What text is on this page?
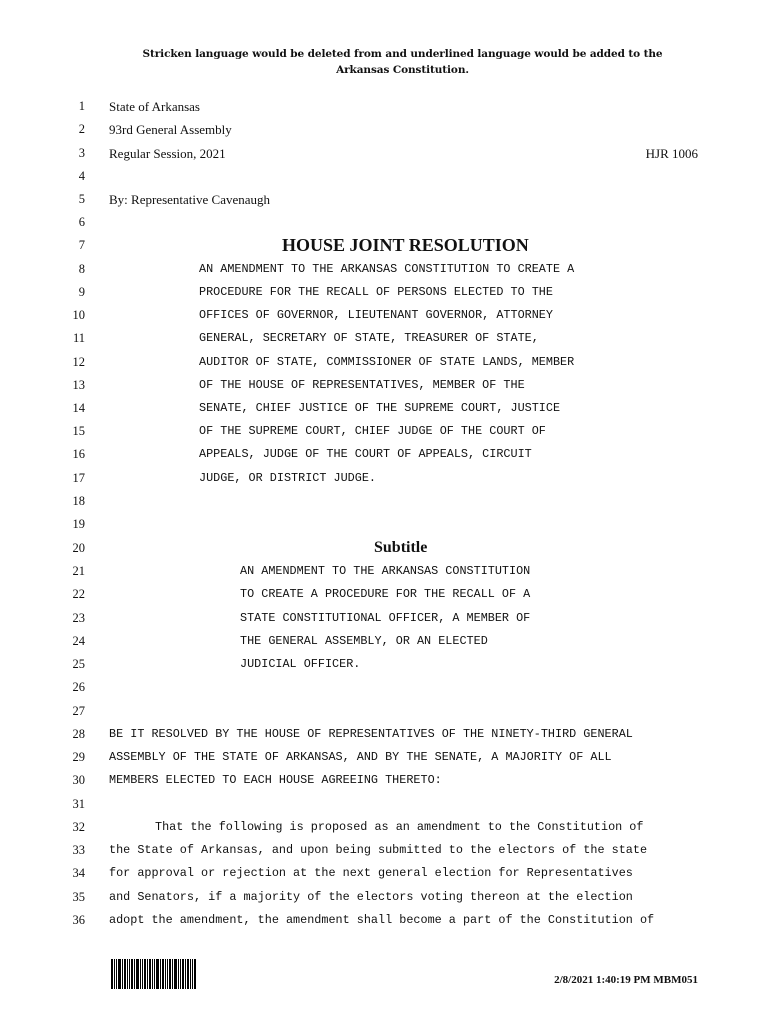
Stricken language would be deleted from and underlined language would be added to the Arkansas Constitution.
1
2
3
4
5
6
7
8
9
10
11
12
13
14
15
16
17
18
19
20
21
22
23
24
25
26
27
28
29
30
31
32
33
34
35
36
State of Arkansas
93rd General Assembly
Regular Session, 2021	HJR 1006
By: Representative Cavenaugh
HOUSE JOINT RESOLUTION
AN AMENDMENT TO THE ARKANSAS CONSTITUTION TO CREATE A
PROCEDURE FOR THE RECALL OF PERSONS ELECTED TO THE
OFFICES OF GOVERNOR, LIEUTENANT GOVERNOR, ATTORNEY
GENERAL, SECRETARY OF STATE, TREASURER OF STATE,
AUDITOR OF STATE, COMMISSIONER OF STATE LANDS, MEMBER
OF THE HOUSE OF REPRESENTATIVES, MEMBER OF THE
SENATE, CHIEF JUSTICE OF THE SUPREME COURT, JUSTICE
OF THE SUPREME COURT, CHIEF JUDGE OF THE COURT OF
APPEALS, JUDGE OF THE COURT OF APPEALS, CIRCUIT
JUDGE, OR DISTRICT JUDGE.
Subtitle
AN AMENDMENT TO THE ARKANSAS CONSTITUTION
TO CREATE A PROCEDURE FOR THE RECALL OF A
STATE CONSTITUTIONAL OFFICER, A MEMBER OF
THE GENERAL ASSEMBLY, OR AN ELECTED
JUDICIAL OFFICER.
BE IT RESOLVED BY THE HOUSE OF REPRESENTATIVES OF THE NINETY-THIRD GENERAL
ASSEMBLY OF THE STATE OF ARKANSAS, AND BY THE SENATE, A MAJORITY OF ALL
MEMBERS ELECTED TO EACH HOUSE AGREEING THERETO:
That the following is proposed as an amendment to the Constitution of
the State of Arkansas, and upon being submitted to the electors of the state
for approval or rejection at the next general election for Representatives
and Senators, if a majority of the electors voting thereon at the election
adopt the amendment, the amendment shall become a part of the Constitution of
2/8/2021 1:40:19 PM MBM051
